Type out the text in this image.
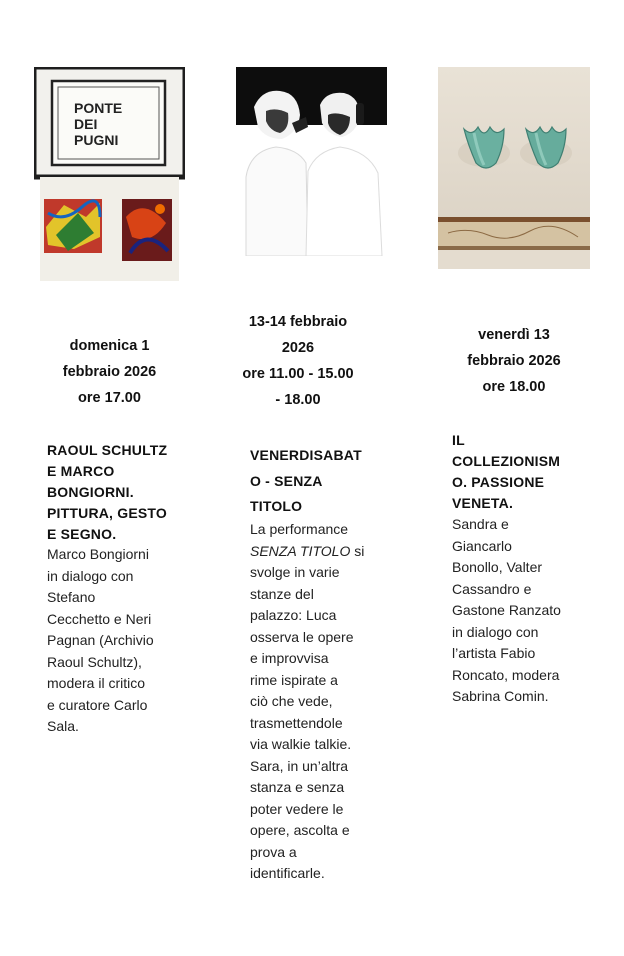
PONTE
DEI
PUGNI
domenica 1
febbraio 2026
ore 17.00
RAOUL SCHULTZ
E MARCO
BONGIORNI.
PITTURA, GESTO
E SEGNO.
Marco Bongiorni
in dialogo con
Stefano
Cecchetto e Neri
Pagnan (Archivio
Raoul Schultz),
modera il critico
e curatore Carlo
Sala.
13-14 febbraio
2026
ore 11.00 - 15.00
- 18.00
VENERDISABAT
O - SENZA
TITOLO
La performance
SENZA TITOLO si
svolge in varie
stanze del
palazzo: Luca
osserva le opere
e improvvisa
rime ispirate a
ciò che vede,
trasmettendole
via walkie talkie.
Sara, in un’altra
stanza e senza
poter vedere le
opere, ascolta e
prova a
identificarle.
venerdì 13
febbraio 2026
ore 18.00
IL
COLLEZIONISM
O. PASSIONE
VENETA.
Sandra e
Giancarlo
Bonollo, Valter
Cassandro e
Gastone Ranzato
in dialogo con
l’artista Fabio
Roncato, modera
Sabrina Comin.
